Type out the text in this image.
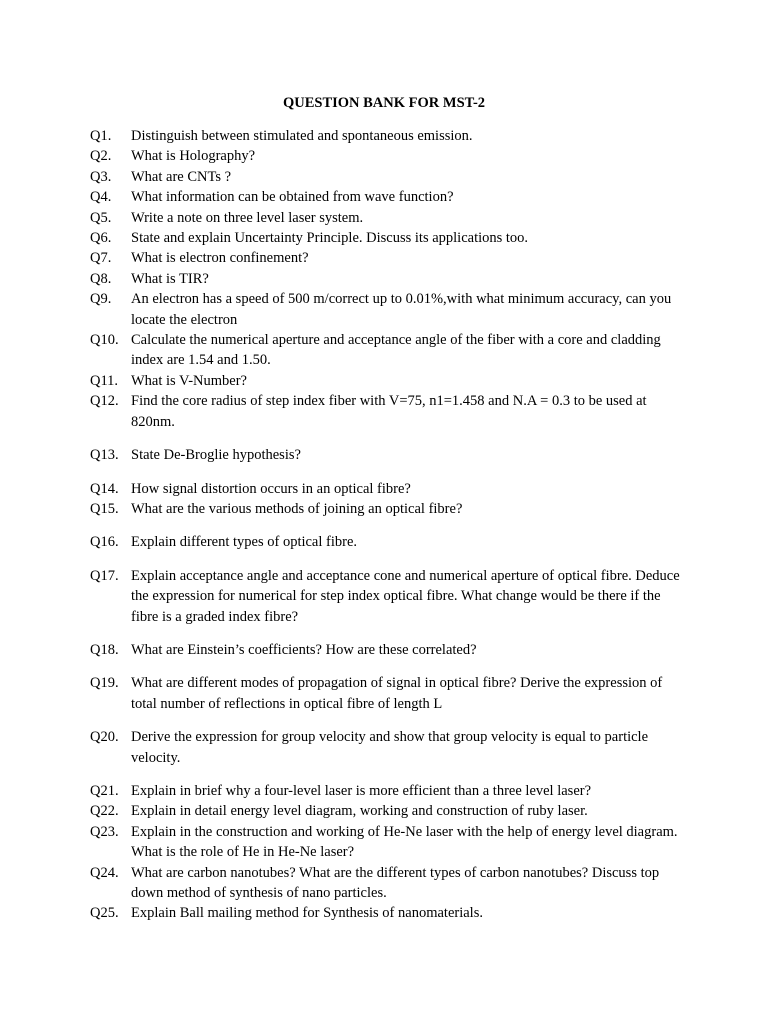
QUESTION BANK FOR MST-2
Q1.	Distinguish between stimulated and spontaneous emission.
Q2.	What is Holography?
Q3.	What are CNTs ?
Q4.	What information can be obtained from wave function?
Q5.	Write a note on three level laser system.
Q6.	State and explain Uncertainty Principle. Discuss its applications too.
Q7.	What is electron confinement?
Q8.	What is TIR?
Q9.	An electron has a speed of 500 m/correct up to 0.01%,with what minimum accuracy, can you locate the electron
Q10. Calculate the numerical aperture and acceptance angle of the fiber with a core and cladding index are 1.54 and 1.50.
Q11. What is V-Number?
Q12. Find the core radius of step index fiber with V=75, n1=1.458 and N.A = 0.3 to be used at 820nm.
Q13. State De-Broglie hypothesis?
Q14. How signal distortion occurs in an optical fibre?
Q15. What are the various methods of joining an optical fibre?
Q16. Explain different types of optical fibre.
Q17. Explain acceptance angle and acceptance cone and numerical aperture of optical fibre. Deduce the expression for numerical for step index optical fibre. What change would be there if the fibre is a graded index fibre?
Q18. What are Einstein’s coefficients? How are these correlated?
Q19. What are different modes of propagation of signal in optical fibre? Derive the expression of total number of reflections in optical fibre of length L
Q20. Derive the expression for group velocity and show that group velocity is equal to particle velocity.
Q21. Explain in brief why a four-level laser is more efficient than a three level laser?
Q22. Explain in detail energy level diagram, working and construction of ruby laser.
Q23. Explain in the construction and working of He-Ne laser with the help of energy level diagram. What is the role of He in He-Ne laser?
Q24. What are carbon nanotubes? What are the different types of carbon nanotubes? Discuss top down method of synthesis of nano particles.
Q25. Explain Ball mailing method for Synthesis of nanomaterials.
